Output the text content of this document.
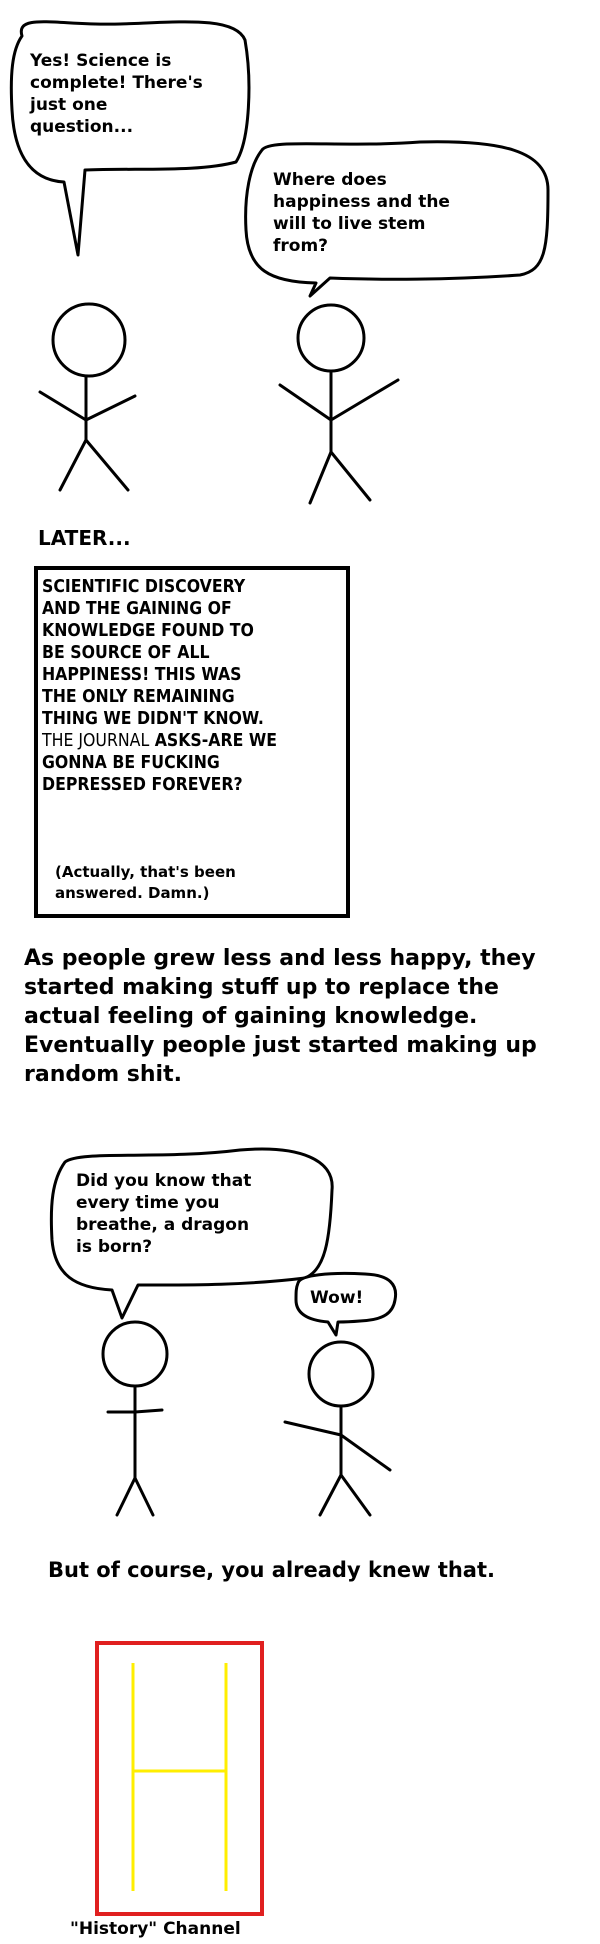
Yes! Science is
complete! There's
just one
question...
Where does
happiness and the
will to live stem
from?
LATER...
SCIENTIFIC DISCOVERY
AND THE GAINING OF
KNOWLEDGE FOUND TO
BE SOURCE OF ALL
HAPPINESS! THIS WAS
THE ONLY REMAINING
THING WE DIDN'T KNOW.
THE JOURNAL ASKS-ARE WE
GONNA BE FUCKING
DEPRESSED FOREVER?
(Actually, that's been
answered. Damn.)
As people grew less and less happy, they
started making stuff up to replace the
actual feeling of gaining knowledge.
Eventually people just started making up
random shit.
Did you know that
every time you
breathe, a dragon
is born?
Wow!
But of course, you already knew that.
"History" Channel
